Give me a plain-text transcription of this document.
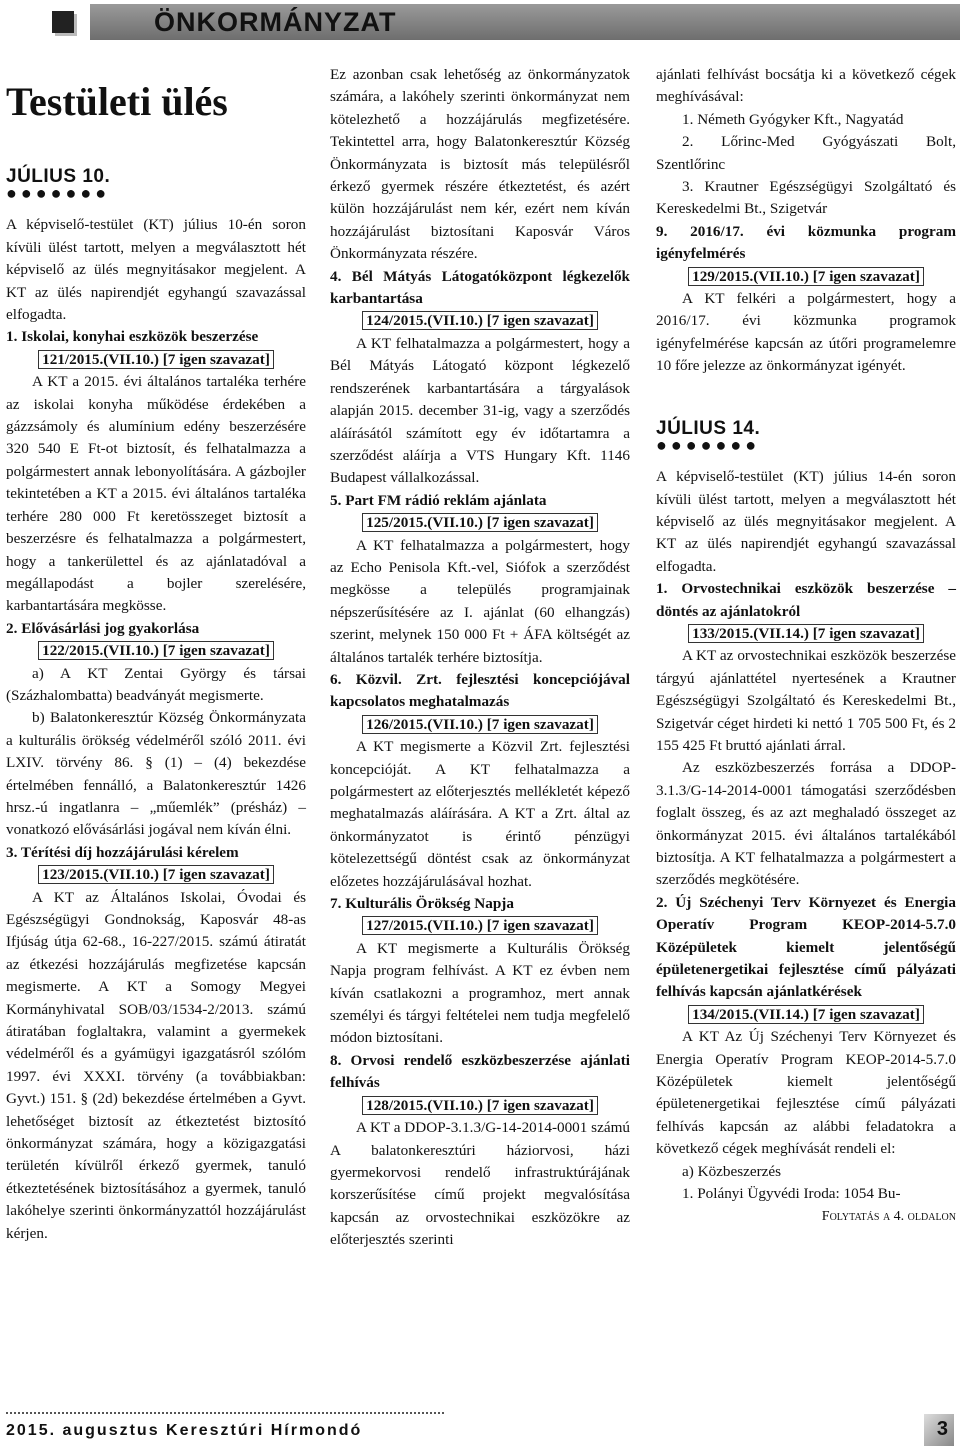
ÖNKORMÁNYZAT
Testületi ülés
JÚLIUS 10.
●●●●●●●

A képviselő-testület (KT) július 10-én soron kívüli ülést tartott, melyen a megválasztott hét képviselő az ülés megnyitásakor megjelent. A KT az ülés napirendjét egyhangú szavazással elfogadta.

1. Iskolai, konyhai eszközök beszerzése

121/2015.(VII.10.) [7 igen szavazat]

A KT a 2015. évi általános tartaléka terhére az iskolai konyha működése érdekében a gázzsámoly és alumínium edény beszerzésére 320 540 E Ft-ot biztosít, és felhatalmazza a polgármestert annak lebonyolítására. A gázbojler tekintetében a KT a 2015. évi általános tartaléka terhére 280 000 Ft keretösszeget biztosít a beszerzésre és felhatalmazza a polgármestert, hogy a tankerülettel és az ajánlatadóval a megállapodást a bojler szerelésére, karbantartására megkösse.

2. Elővásárlási jog gyakorlása

122/2015.(VII.10.) [7 igen szavazat]

a) A KT Zentai György és társai (Százhalombatta) beadványát megismerte.

b) Balatonkeresztúr Község Önkormányzata a kulturális örökség védelméről szóló 2011. évi LXIV. törvény 86. § (1) – (4) bekezdése értelmében fennálló, a Balatonkeresztúr 1426 hrsz.-ú ingatlanra – „műemlék” (présház) – vonatkozó elővásárlási jogával nem kíván élni.

3. Térítési díj hozzájárulási kérelem

123/2015.(VII.10.) [7 igen szavazat]

A KT az Általános Iskolai, Óvodai és Egészségügyi Gondnokság, Kaposvár 48-as Ifjúság útja 62-68., 16-227/2015. számú átiratát az étkezési hozzájárulás megfizetése kapcsán megismerte. A KT a Somogy Megyei Kormányhivatal SOB/03/1534-2/2013. számú átiratában foglaltakra, valamint a gyermekek védelméről és a gyámügyi igazgatásról szólóm 1997. évi XXXI. törvény (a továbbiakban: Gyvt.) 151. § (2d) bekezdése értelmében a Gyvt. lehetőséget biztosít az étkeztetést biztosító önkormányzat számára, hogy a közigazgatási területén kívülről érkező gyermek, tanuló étkeztetésének biztosításához a gyermek, tanuló lakóhelye szerinti önkormányzattól hozzájárulást kérjen.

Ez azonban csak lehetőség az önkormányzatok számára, a lakóhely szerinti önkormányzat nem kötelezhető a hozzájárulás megfizetésére. Tekintettel arra, hogy Balatonkeresztúr Község Önkormányzata is biztosít más településről érkező gyermek részére étkeztetést, és azért külön hozzájárulást nem kér, ezért nem kíván hozzájárulást biztosítani Kaposvár Város Önkormányzata részére.

4. Bél Mátyás Látogatóközpont légkezelők karbantartása

124/2015.(VII.10.) [7 igen szavazat]

A KT felhatalmazza a polgármestert, hogy a Bél Mátyás Látogató központ légkezelő rendszerének karbantartására a tárgyalások alapján 2015. december 31-ig, vagy a szerződés aláírásától számított egy év időtartamra a szerződést aláírja a VTS Hungary Kft. 1146 Budapest vállalkozással.

5. Part FM rádió reklám ajánlata

125/2015.(VII.10.) [7 igen szavazat]

A KT felhatalmazza a polgármestert, hogy az Echo Penisola Kft.-vel, Siófok a szerződést megkösse a település programjainak népszerűsítésére az I. ajánlat (60 elhangzás) szerint, melynek 150 000 Ft + ÁFA költségét az általános tartalék terhére biztosítja.

6. Közvil. Zrt. fejlesztési koncepciójával kapcsolatos meghatalmazás

126/2015.(VII.10.) [7 igen szavazat]

A KT megismerte a Közvil Zrt. fejlesztési koncepcióját. A KT felhatalmazza a polgármestert az előterjesztés mellékletét képező meghatalmazás aláírására. A KT a Zrt. által az önkormányzatot is érintő pénzügyi kötelezettségű döntést csak az önkormányzat előzetes hozzájárulásával hozhat.

7. Kulturális Örökség Napja

127/2015.(VII.10.) [7 igen szavazat]

A KT megismerte a Kulturális Örökség Napja program felhívást. A KT ez évben nem kíván csatlakozni a programhoz, mert annak személyi és tárgyi feltételei nem tudja megfelelő módon biztosítani.

8. Orvosi rendelő eszközbeszerzése ajánlati felhívás

128/2015.(VII.10.) [7 igen szavazat]

A KT a DDOP-3.1.3/G-14-2014-0001 számú A balatonkeresztúri háziorvosi, házi gyermekorvosi rendelő infrastruktúrájának korszerűsítése című projekt megvalósítása kapcsán az orvostechnikai eszközökre az előterjesztés szerinti

ajánlati felhívást bocsátja ki a következő cégek meghívásával:

1. Németh Gyógyker Kft., Nagyatád

2. Lőrinc-Med Gyógyászati Bolt, Szentlőrinc

3. Krautner Egészségügyi Szolgáltató és Kereskedelmi Bt., Szigetvár

9. 2016/17. évi közmunka program igényfelmérés

129/2015.(VII.10.) [7 igen szavazat]

A KT felkéri a polgármestert, hogy a 2016/17. évi közmunka programok igényfelmérése kapcsán az útőri programelemre 10 főre jelezze az önkormányzat igényét.

JÚLIUS 14.
●●●●●●●

A képviselő-testület (KT) július 14-én soron kívüli ülést tartott, melyen a megválasztott hét képviselő az ülés megnyitásakor megjelent. A KT az ülés napirendjét egyhangú szavazással elfogadta.

1. Orvostechnikai eszközök beszerzése – döntés az ajánlatokról

133/2015.(VII.14.) [7 igen szavazat]

A KT az orvostechnikai eszközök beszerzése tárgyú ajánlattétel nyertesének a Krautner Egészségügyi Szolgáltató és Kereskedelmi Bt., Szigetvár céget hirdeti ki nettó 1 705 500 Ft, és 2 155 425 Ft bruttó ajánlati árral.

Az eszközbeszerzés forrása a DDOP-3.1.3/G-14-2014-0001 támogatási szerződésben foglalt összeg, és az azt meghaladó összeget az önkormányzat 2015. évi általános tartalékából biztosítja. A KT felhatalmazza a polgármestert a szerződés megkötésére.

2. Új Széchenyi Terv Környezet és Energia Operatív Program KEOP-2014-5.7.0 Középületek kiemelt jelentőségű épületenergetikai fejlesztése című pályázati felhívás kapcsán ajánlatkérések

134/2015.(VII.14.) [7 igen szavazat]

A KT Az Új Széchenyi Terv Környezet és Energia Operatív Program KEOP-2014-5.7.0 Középületek kiemelt jelentőségű épületenergetikai fejlesztése című pályázati felhívás kapcsán az alábbi feladatokra a következő cégek meghívását rendeli el:

a) Közbeszerzés

1. Polányi Ügyvédi Iroda: 1054 Bu-

Folytatás a 4. oldalon

2015. augusztus Keresztúri Hírmondó	3
